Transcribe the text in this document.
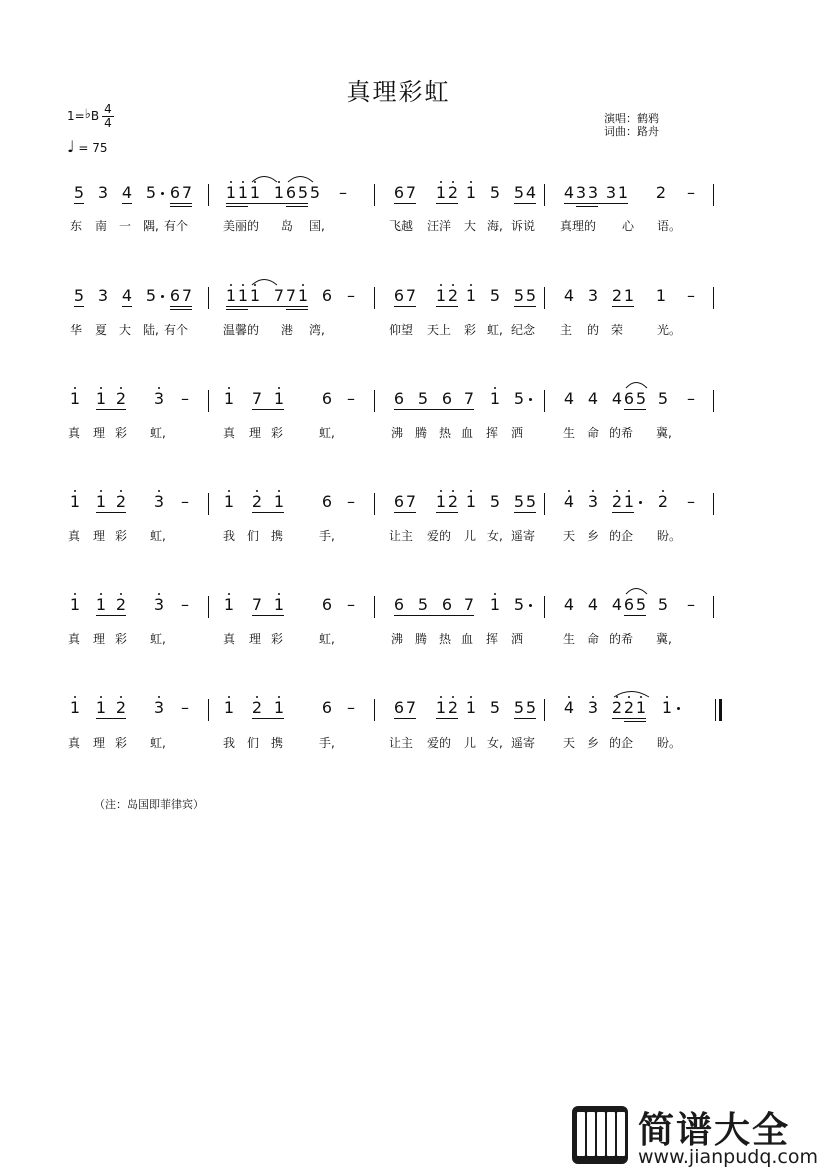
真理彩虹
1=♭B 4
4
♩ = 75
演唱：鹤鸦
词曲：路舟
5 3 4 5 6 7 1 1 1 1 6 5 5 –	6 7 1 2 1 5 5 4 4 3 3 3 1 2 –
东 南 一 隅, 有个	美丽的 岛 国,	飞越 汪洋 大 海, 诉说 真理的 心 语。
5 3 4 5 6 7 1 1 1 7 7 1 6 – 6 7 1 2 1 5 5 5 4 3 2 1 1 –
华 夏 大 陆, 有个	温馨的 港 湾,	仰望 天上 彩 虹, 纪念 主 的 荣	光。
1 1 2 3 – 1 7 1 6 – 6 5 6 7 1 5 4 4 4 6 5 5 –
真 理 彩 虹,	真 理 彩	虹,	沸 腾 热 血 挥 洒	生 命 的希 冀,
1 1 2 3 – 1 2 1 6 – 6 7 1 2 1 5 5 5 4 3 2 1 2 –
真 理 彩 虹,	我 们 携	手,	让主 爱的 儿 女, 遥寄 天 乡 的企 盼。
1 1 2 3 – 1 7 1 6 – 6 5 6 7 1 5 4 4 4 6 5 5 –
真 理 彩 虹,	真 理 彩	虹,	沸 腾 热 血 挥 洒	生 命 的希 冀,
1 1 2 3 – 1 2 1 6 – 6 7 1 2 1 5 5 5 4 3 2 2 1 1
真 理 彩 虹,	我 们 携	手,	让主 爱的 儿 女, 遥寄 天 乡 的企 盼。
（注：岛国即菲律宾）
简谱大全
www.jianpudq.com
